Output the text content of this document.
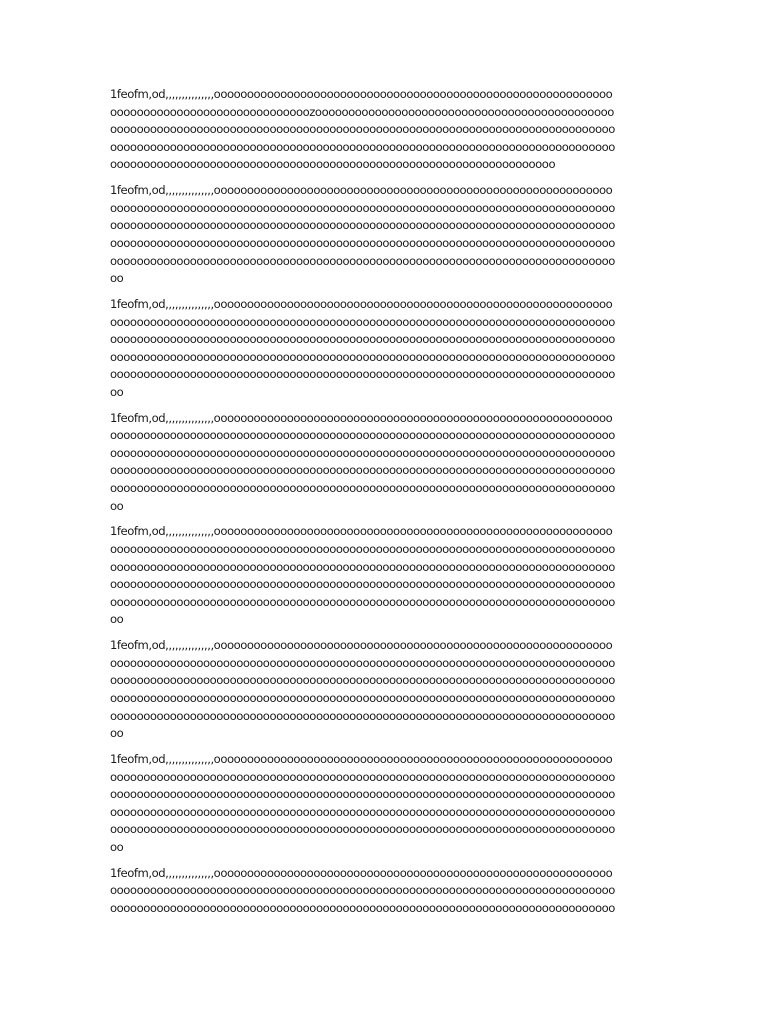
1feofm,od,,,,,,,,,,,,,,,oooooooooooooooooooooooooooooooooooooooooooooooooooooooooooo
oooooooooooooooooooooooooooooozooooooooooooooooooooooooooooooooooooooooooooo
oooooooooooooooooooooooooooooooooooooooooooooooooooooooooooooooooooooooooooo
oooooooooooooooooooooooooooooooooooooooooooooooooooooooooooooooooooooooooooo
ooooooooooooooooooooooooooooooooooooooooooooooooooooooooooooooooooo
1feofm,od,,,,,,,,,,,,,,,oooooooooooooooooooooooooooooooooooooooooooooooooooooooooooo
oooooooooooooooooooooooooooooooooooooooooooooooooooooooooooooooooooooooooooo
oooooooooooooooooooooooooooooooooooooooooooooooooooooooooooooooooooooooooooo
oooooooooooooooooooooooooooooooooooooooooooooooooooooooooooooooooooooooooooo
oooooooooooooooooooooooooooooooooooooooooooooooooooooooooooooooooooooooooooo
oo
1feofm,od,,,,,,,,,,,,,,,oooooooooooooooooooooooooooooooooooooooooooooooooooooooooooo
oooooooooooooooooooooooooooooooooooooooooooooooooooooooooooooooooooooooooooo
oooooooooooooooooooooooooooooooooooooooooooooooooooooooooooooooooooooooooooo
oooooooooooooooooooooooooooooooooooooooooooooooooooooooooooooooooooooooooooo
oooooooooooooooooooooooooooooooooooooooooooooooooooooooooooooooooooooooooooo
oo
1feofm,od,,,,,,,,,,,,,,,oooooooooooooooooooooooooooooooooooooooooooooooooooooooooooo
oooooooooooooooooooooooooooooooooooooooooooooooooooooooooooooooooooooooooooo
oooooooooooooooooooooooooooooooooooooooooooooooooooooooooooooooooooooooooooo
oooooooooooooooooooooooooooooooooooooooooooooooooooooooooooooooooooooooooooo
oooooooooooooooooooooooooooooooooooooooooooooooooooooooooooooooooooooooooooo
oo
1feofm,od,,,,,,,,,,,,,,,oooooooooooooooooooooooooooooooooooooooooooooooooooooooooooo
oooooooooooooooooooooooooooooooooooooooooooooooooooooooooooooooooooooooooooo
oooooooooooooooooooooooooooooooooooooooooooooooooooooooooooooooooooooooooooo
oooooooooooooooooooooooooooooooooooooooooooooooooooooooooooooooooooooooooooo
oooooooooooooooooooooooooooooooooooooooooooooooooooooooooooooooooooooooooooo
oo
1feofm,od,,,,,,,,,,,,,,,oooooooooooooooooooooooooooooooooooooooooooooooooooooooooooo
oooooooooooooooooooooooooooooooooooooooooooooooooooooooooooooooooooooooooooo
oooooooooooooooooooooooooooooooooooooooooooooooooooooooooooooooooooooooooooo
oooooooooooooooooooooooooooooooooooooooooooooooooooooooooooooooooooooooooooo
oooooooooooooooooooooooooooooooooooooooooooooooooooooooooooooooooooooooooooo
oo
1feofm,od,,,,,,,,,,,,,,,oooooooooooooooooooooooooooooooooooooooooooooooooooooooooooo
oooooooooooooooooooooooooooooooooooooooooooooooooooooooooooooooooooooooooooo
oooooooooooooooooooooooooooooooooooooooooooooooooooooooooooooooooooooooooooo
oooooooooooooooooooooooooooooooooooooooooooooooooooooooooooooooooooooooooooo
oooooooooooooooooooooooooooooooooooooooooooooooooooooooooooooooooooooooooooo
oo
1feofm,od,,,,,,,,,,,,,,,oooooooooooooooooooooooooooooooooooooooooooooooooooooooooooo
oooooooooooooooooooooooooooooooooooooooooooooooooooooooooooooooooooooooooooo
oooooooooooooooooooooooooooooooooooooooooooooooooooooooooooooooooooooooooooo
